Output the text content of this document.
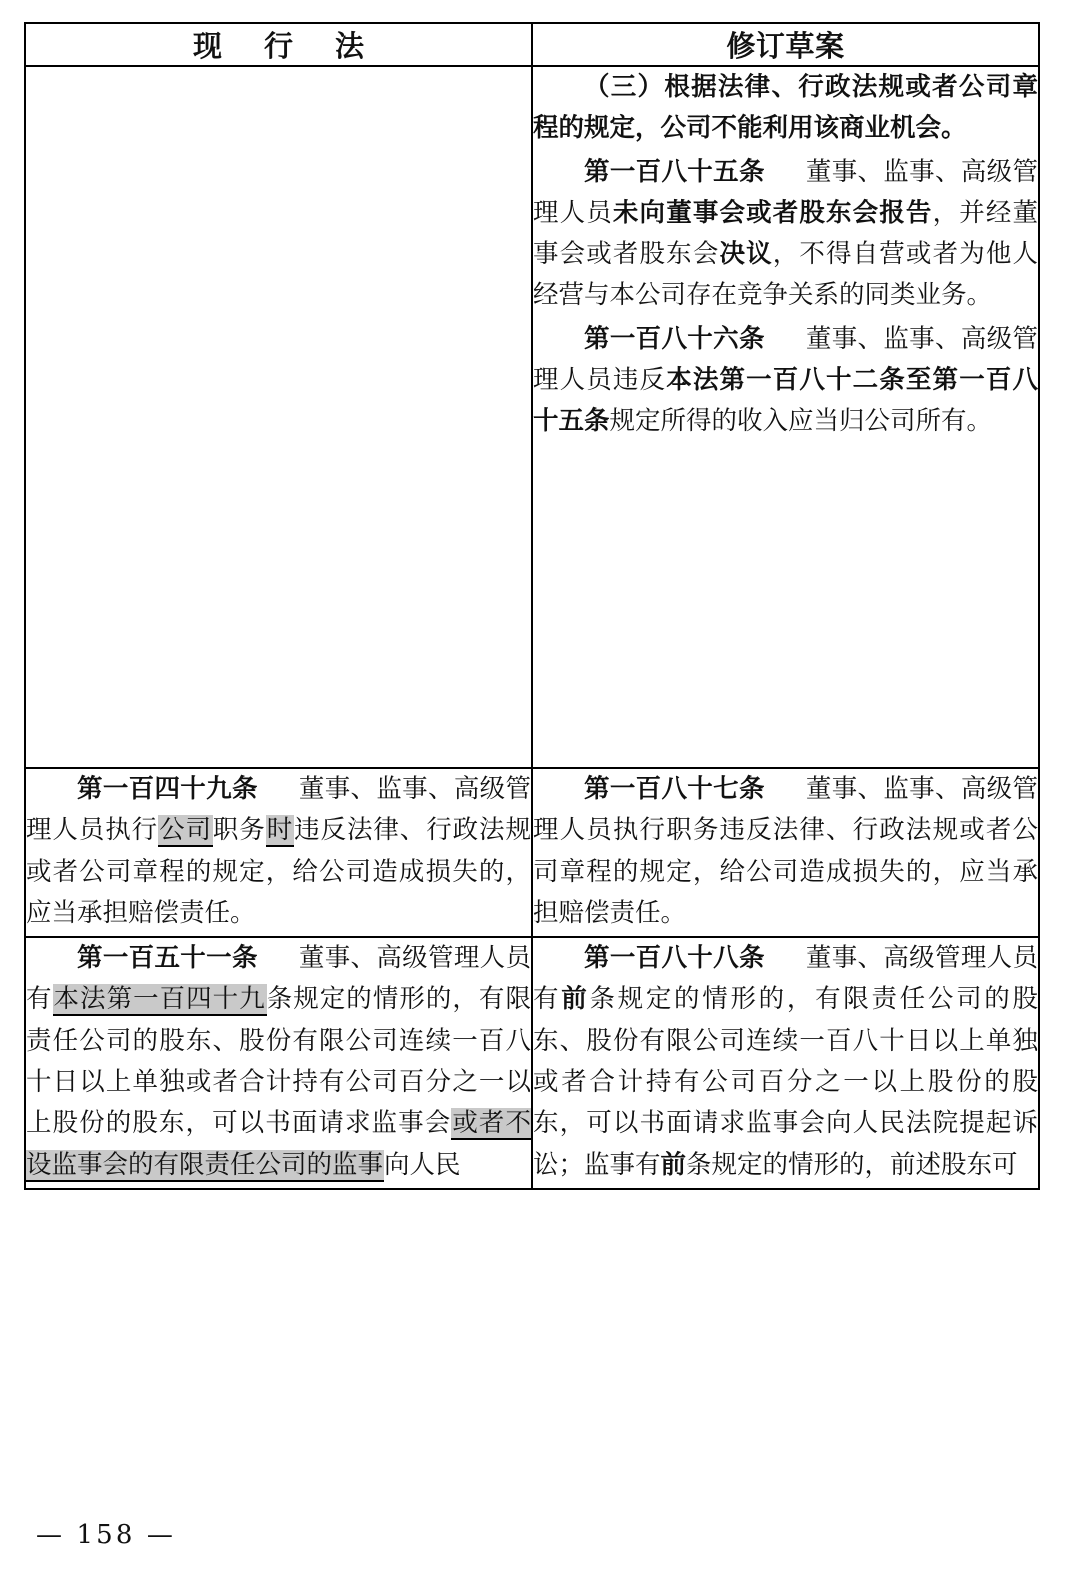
现 行 法	修订草案

	（三）根据法律、行政法规或者公司章程的规定，公司不能利用该商业机会。

第一百八十五条 董事、监事、高级管理人员未向董事会或者股东会报告，并经董事会或者股东会决议，不得自营或者为他人经营与本公司存在竞争关系的同类业务。

第一百八十六条 董事、监事、高级管理人员违反本法第一百八十二条至第一百八十五条规定所得的收入应当归公司所有。

第一百四十九条 董事、监事、高级管理人员执行公司职务时违反法律、行政法规或者公司章程的规定，给公司造成损失的，应当承担赔偿责任。	第一百八十七条 董事、监事、高级管理人员执行职务违反法律、行政法规或者公司章程的规定，给公司造成损失的，应当承担赔偿责任。

第一百五十一条 董事、高级管理人员有本法第一百四十九条规定的情形的，有限责任公司的股东、股份有限公司连续一百八十日以上单独或者合计持有公司百分之一以上股份的股东，可以书面请求监事会或者不设监事会的有限责任公司的监事向人民	第一百八十八条 董事、高级管理人员有前条规定的情形的，有限责任公司的股东、股份有限公司连续一百八十日以上单独或者合计持有公司百分之一以上股份的股东，可以书面请求监事会向人民法院提起诉讼；监事有前条规定的情形的，前述股东可

— 158 —
